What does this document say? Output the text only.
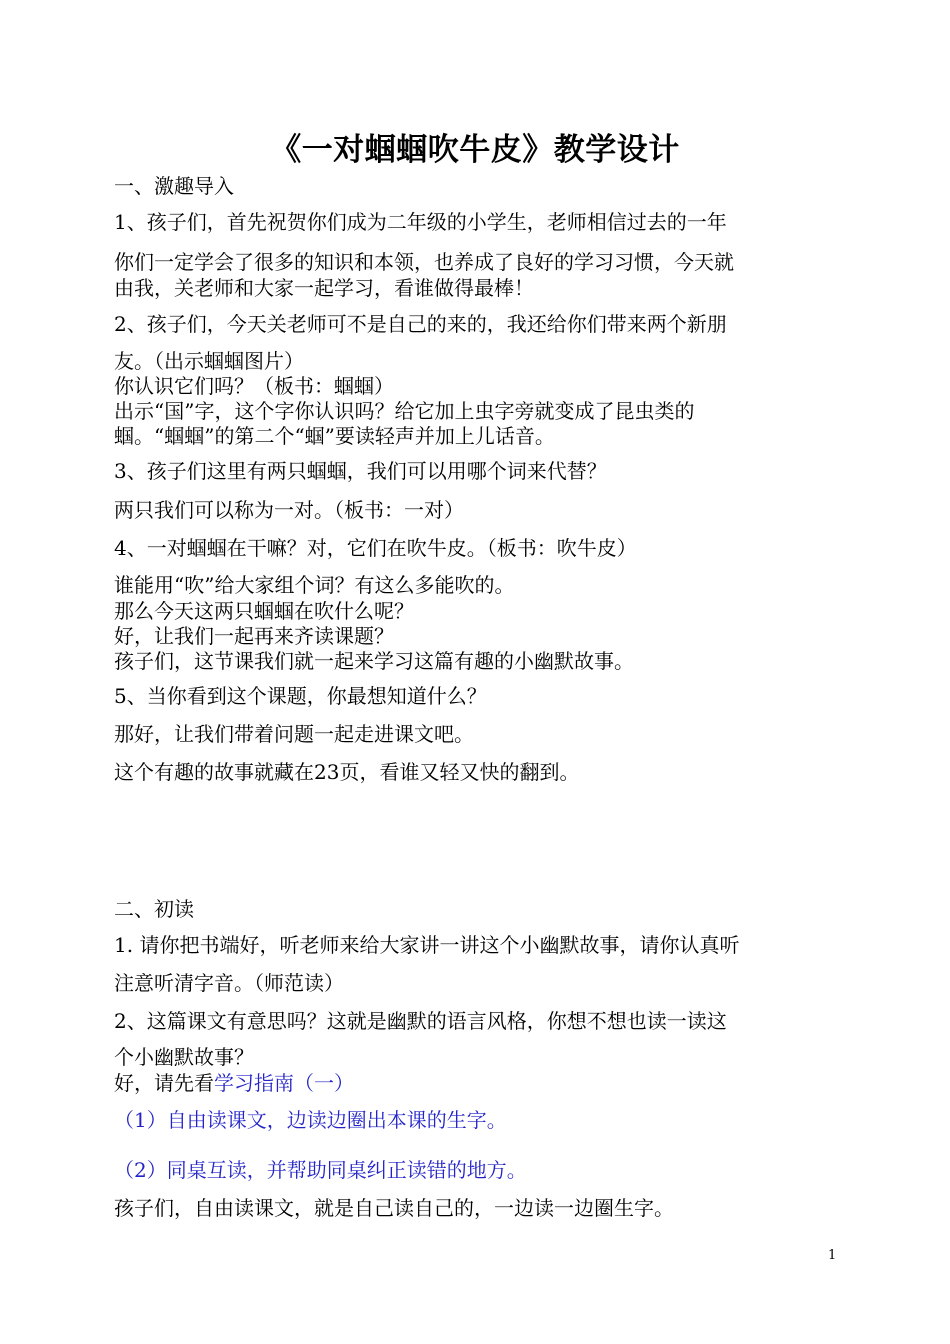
《一对蝈蝈吹牛皮》教学设计
一、激趣导入
1、孩子们，首先祝贺你们成为二年级的小学生，老师相信过去的一年
你们一定学会了很多的知识和本领，也养成了良好的学习习惯，今天就
由我，关老师和大家一起学习，看谁做得最棒！
2、孩子们，今天关老师可不是自己的来的，我还给你们带来两个新朋
友。（出示蝈蝈图片）
你认识它们吗？（板书：蝈蝈）
出示“国”字，这个字你认识吗？给它加上虫字旁就变成了昆虫类的
蝈。“蝈蝈”的第二个“蝈”要读轻声并加上儿话音。
3、孩子们这里有两只蝈蝈，我们可以用哪个词来代替？
两只我们可以称为一对。（板书：一对）
4、一对蝈蝈在干嘛？对，它们在吹牛皮。（板书：吹牛皮）
谁能用“吹”给大家组个词？有这么多能吹的。
那么今天这两只蝈蝈在吹什么呢？
好，让我们一起再来齐读课题？
孩子们，这节课我们就一起来学习这篇有趣的小幽默故事。
5、当你看到这个课题，你最想知道什么？
那好，让我们带着问题一起走进课文吧。
这个有趣的故事就藏在23页，看谁又轻又快的翻到。
二、初读
1. 请你把书端好，听老师来给大家讲一讲这个小幽默故事，请你认真听
注意听清字音。（师范读）
2、这篇课文有意思吗？这就是幽默的语言风格，你想不想也读一读这
个小幽默故事？
好，请先看学习指南（一）
（1）自由读课文，边读边圈出本课的生字。
（2）同桌互读，并帮助同桌纠正读错的地方。
孩子们，自由读课文，就是自己读自己的，一边读一边圈生字。
1
